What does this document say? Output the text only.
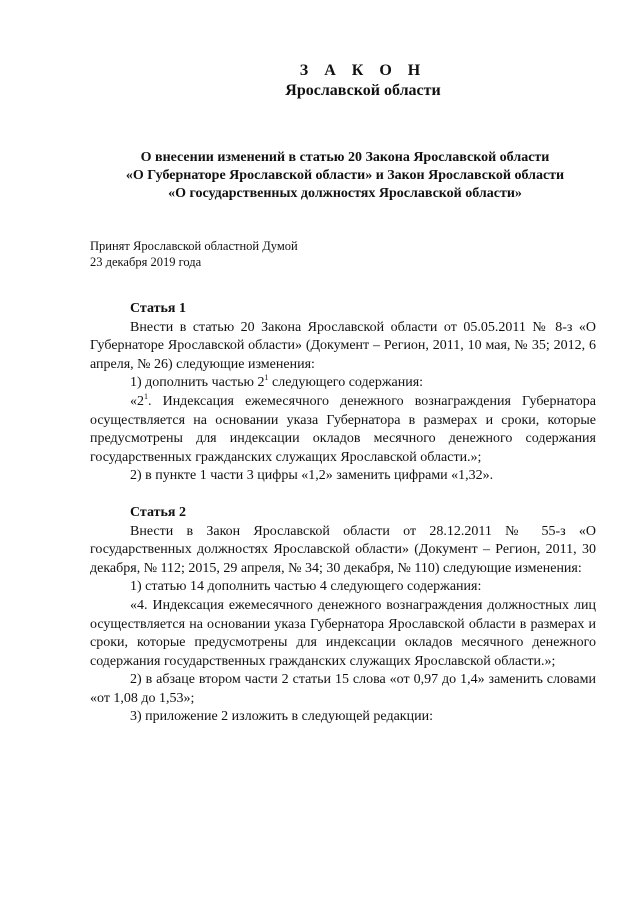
З А К О Н
Ярославской области
О внесении изменений в статью 20 Закона Ярославской области
«О Губернаторе Ярославской области» и Закон Ярославской области
«О государственных должностях Ярославской области»
Принят Ярославской областной Думой
23 декабря 2019 года

Статья 1

Внести в статью 20 Закона Ярославской области от 05.05.2011 № 8-з «О Губернаторе Ярославской области» (Документ – Регион, 2011, 10 мая, № 35; 2012, 6 апреля, № 26) следующие изменения:

1) дополнить частью $2^1$ следующего содержания:

«$2^1$. Индексация ежемесячного денежного вознаграждения Губернатора осуществляется на основании указа Губернатора в размерах и сроки, которые предусмотрены для индексации окладов месячного денежного содержания государственных гражданских служащих Ярославской области.»;

2) в пункте 1 части 3 цифры «1,2» заменить цифрами «1,32».

Статья 2

Внести в Закон Ярославской области от 28.12.2011 № 55-з «О государственных должностях Ярославской области» (Документ – Регион, 2011, 30 декабря, № 112; 2015, 29 апреля, № 34; 30 декабря, № 110) следующие изменения:

1) статью 14 дополнить частью 4 следующего содержания:

«4. Индексация ежемесячного денежного вознаграждения должностных лиц осуществляется на основании указа Губернатора Ярославской области в размерах и сроки, которые предусмотрены для индексации окладов месячного денежного содержания государственных гражданских служащих Ярославской области.»;

2) в абзаце втором части 2 статьи 15 слова «от 0,97 до 1,4» заменить словами «от 1,08 до 1,53»;

3) приложение 2 изложить в следующей редакции:
